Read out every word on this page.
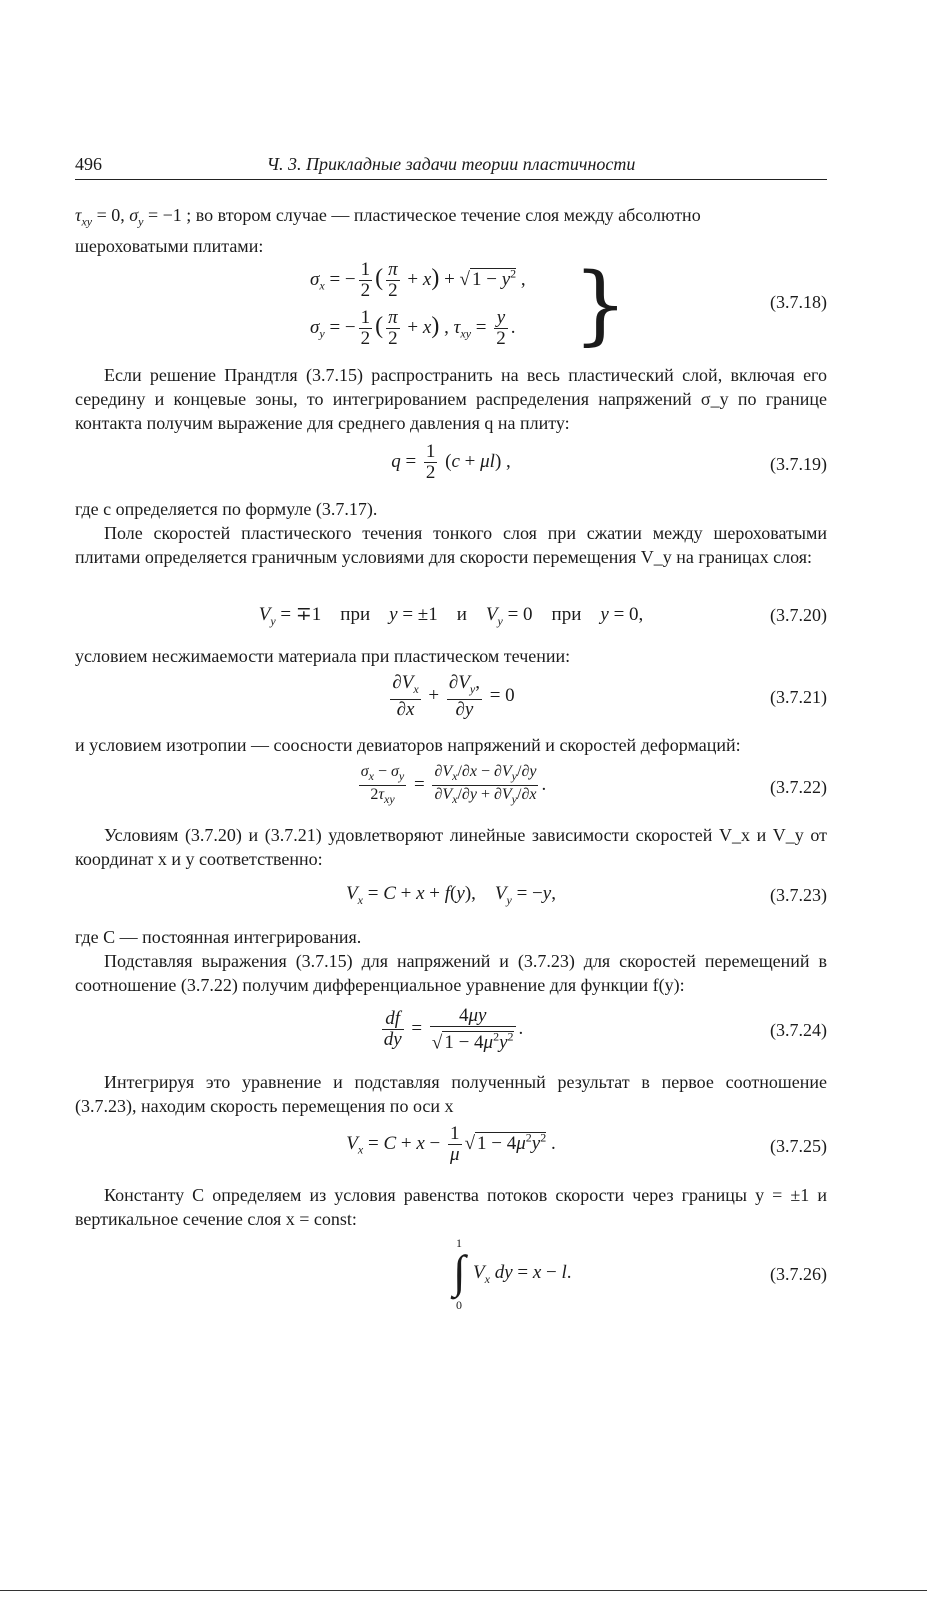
496	Ч. 3. Прикладные задачи теории пластичности
$\tau_{xy} = 0$, $\sigma_y = -1$ ; во втором случае — пластическое течение слоя между абсолютно
шероховатыми плитами:
$\sigma_x$ = − $\frac{1}{2}$ ( $\frac{\pi}{2} + x$) + √ $1 - y^2$ ,
$\sigma_y$ = − $\frac{1}{2}$ ( $\frac{\pi}{2} + x$) , $\tau_{xy} = \frac{y}{2}$ . }	(3.7.18)
Если решение Прандтля (3.7.15) распространить на весь пластический слой, включая его середину и концевые зоны, то интегрированием распределения напряжений σ_y по границе контакта получим выражение для среднего давления q на плиту:
$q = \frac{1}{2} (c + \mu l)$ ,	(3.7.19)
где c определяется по формуле (3.7.17).
Поле скоростей пластического течения тонкого слоя при сжатии между шероховатыми плитами определяется граничным условиями для скорости перемещения V_y на границах слоя:
$V_y = \mp 1$    при y = ±1    и $V_y = 0$    при y = 0,	(3.7.20)
условием несжимаемости материала при пластическом течении:
$\frac{\partial V_x}{\partial x} + \frac{\partial V_y,}{\partial y} = 0$	(3.7.21)
и условием изотропии — соосности девиаторов напряжений и скоростей деформаций:
$\frac{\sigma_x - \sigma_y}{2\tau_{xy}} = \frac{\partial V_x/\partial x - \partial V_y/\partial y}{\partial V_x/\partial y + \partial V_y/\partial x}$ .	(3.7.22)
Условиям (3.7.20) и (3.7.21) удовлетворяют линейные зависимости скоростей V_x и V_y от координат x и y соответственно:
$V_x = C + x + f(y)$,    $V_y = -y$,	(3.7.23)
где C — постоянная интегрирования.
Подставляя выражения (3.7.15) для напряжений и (3.7.23) для скоростей перемещений в соотношение (3.7.22) получим дифференциальное уравнение для функции f(y):
$\frac{df}{dy} = \frac{4\mu y}{√ 1 - 4\mu^2y^2}$ .	(3.7.24)
Интегрируя это уравнение и подставляя полученный результат в первое соотношение (3.7.23), находим скорость перемещения по оси x
$V_x = C + x - \frac{1}{\mu}$ √ $1 - 4\mu^2y^2$ .	(3.7.25)
Константу C определяем из условия равенства потоков скорости через границы y = ±1 и вертикальное сечение слоя x = const:
1
∫
0
$V_x$ dy = x − l.	(3.7.26)
